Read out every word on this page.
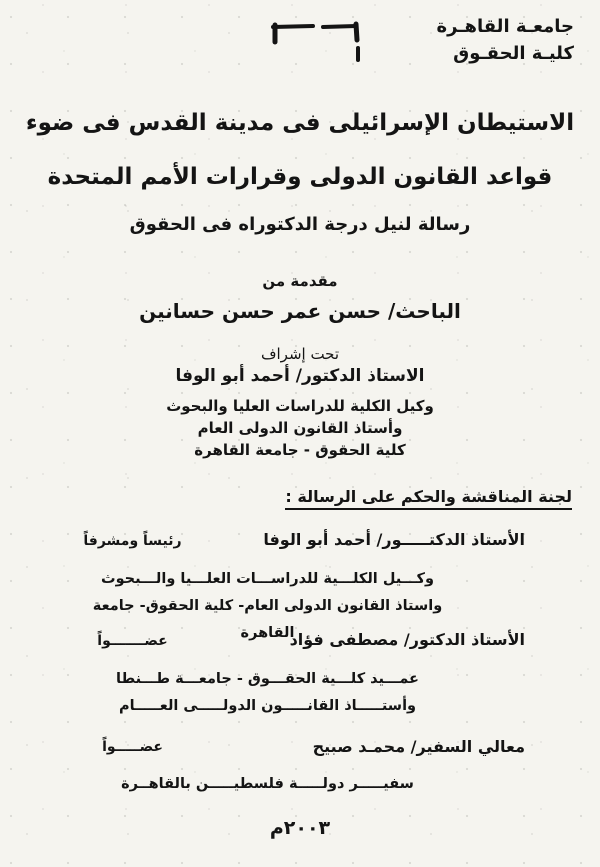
جامعـة القاهـرة
كليـة الحقـوق
الاستيطان الإسرائيلى فى مدينة القدس فى ضوء
قواعد القانون الدولى وقرارات الأمم المتحدة
رسالة لنيل درجة الدكتوراه فى الحقوق
مقدمة من
الباحث/ حسن عمر حسن حسانين
تحت إشراف
الاستاذ الدكتور/ أحمد أبو الوفا
وكيل الكلية للدراسات العليا والبحوث
وأستاذ القانون الدولى العام
كلية الحقوق - جامعة القاهرة
لجنة المناقشة والحكم على الرسالة :
الأستاذ الدكتـــــور/ أحمد أبو الوفا
رئيساً ومشرفاً
وكـــيل الكلـــية للدراســـات العلـــيا والـــبحوث
واستاذ القانون الدولى العام- كلية الحقوق- جامعة القاهرة
الأستاذ الدكتور/ مصطفى فؤاد
عضـــــــواً
عمـــيد كلـــية الحقـــوق - جامعـــة طـــنطا
وأستـــــاذ القانـــــون الدولـــــى العـــــام
معالي السفير/ محمـد صبيح
عضـــــواً
سفيـــــر دولـــــة فلسطيـــــن بالقاهــرة
٢٠٠٣م
